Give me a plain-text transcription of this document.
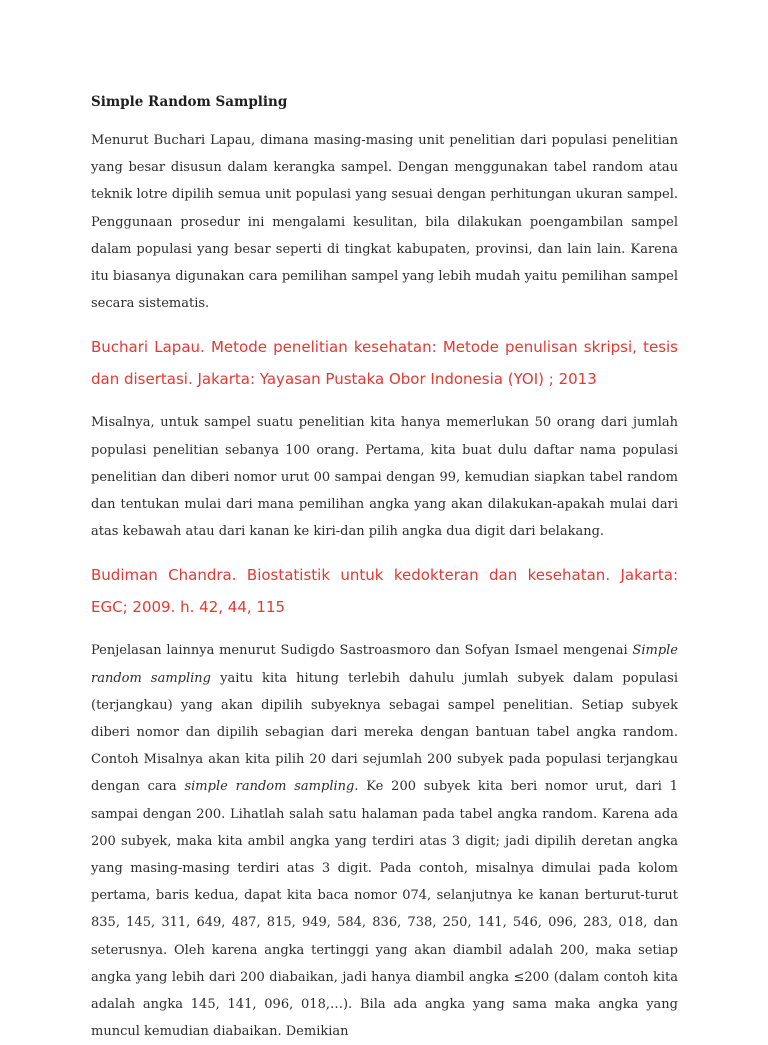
Simple Random Sampling

Menurut Buchari Lapau, dimana masing-masing unit penelitian dari populasi penelitian yang besar disusun dalam kerangka sampel. Dengan menggunakan tabel random atau teknik lotre dipilih semua unit populasi yang sesuai dengan perhitungan ukuran sampel. Penggunaan prosedur ini mengalami kesulitan, bila dilakukan poengambilan sampel dalam populasi yang besar seperti di tingkat kabupaten, provinsi, dan lain lain. Karena itu biasanya digunakan cara pemilihan sampel yang lebih mudah yaitu pemilihan sampel secara sistematis.

Buchari Lapau. Metode penelitian kesehatan: Metode penulisan skripsi, tesis dan disertasi. Jakarta: Yayasan Pustaka Obor Indonesia (YOI) ; 2013

Misalnya, untuk sampel suatu penelitian kita hanya memerlukan 50 orang dari jumlah populasi penelitian sebanya 100 orang. Pertama, kita buat dulu daftar nama populasi penelitian dan diberi nomor urut 00 sampai dengan 99, kemudian siapkan tabel random dan tentukan mulai dari mana pemilihan angka yang akan dilakukan-apakah mulai dari atas kebawah atau dari kanan ke kiri-dan pilih angka dua digit dari belakang.

Budiman Chandra. Biostatistik untuk kedokteran dan kesehatan. Jakarta: EGC; 2009. h. 42, 44, 115

Penjelasan lainnya menurut Sudigdo Sastroasmoro dan Sofyan Ismael mengenai Simple random sampling yaitu kita hitung terlebih dahulu jumlah subyek dalam populasi (terjangkau) yang akan dipilih subyeknya sebagai sampel penelitian. Setiap subyek diberi nomor dan dipilih sebagian dari mereka dengan bantuan tabel angka random. Contoh Misalnya akan kita pilih 20 dari sejumlah 200 subyek pada populasi terjangkau dengan cara simple random sampling. Ke 200 subyek kita beri nomor urut, dari 1 sampai dengan 200. Lihatlah salah satu halaman pada tabel angka random. Karena ada 200 subyek, maka kita ambil angka yang terdiri atas 3 digit; jadi dipilih deretan angka yang masing-masing terdiri atas 3 digit. Pada contoh, misalnya dimulai pada kolom pertama, baris kedua, dapat kita baca nomor 074, selanjutnya ke kanan berturut-turut 835, 145, 311, 649, 487, 815, 949, 584, 836, 738, 250, 141, 546, 096, 283, 018, dan seterusnya. Oleh karena angka tertinggi yang akan diambil adalah 200, maka setiap angka yang lebih dari 200 diabaikan, jadi hanya diambil angka ≤200 (dalam contoh kita adalah angka 145, 141, 096, 018,…). Bila ada angka yang sama maka angka yang muncul kemudian diabaikan. Demikian
